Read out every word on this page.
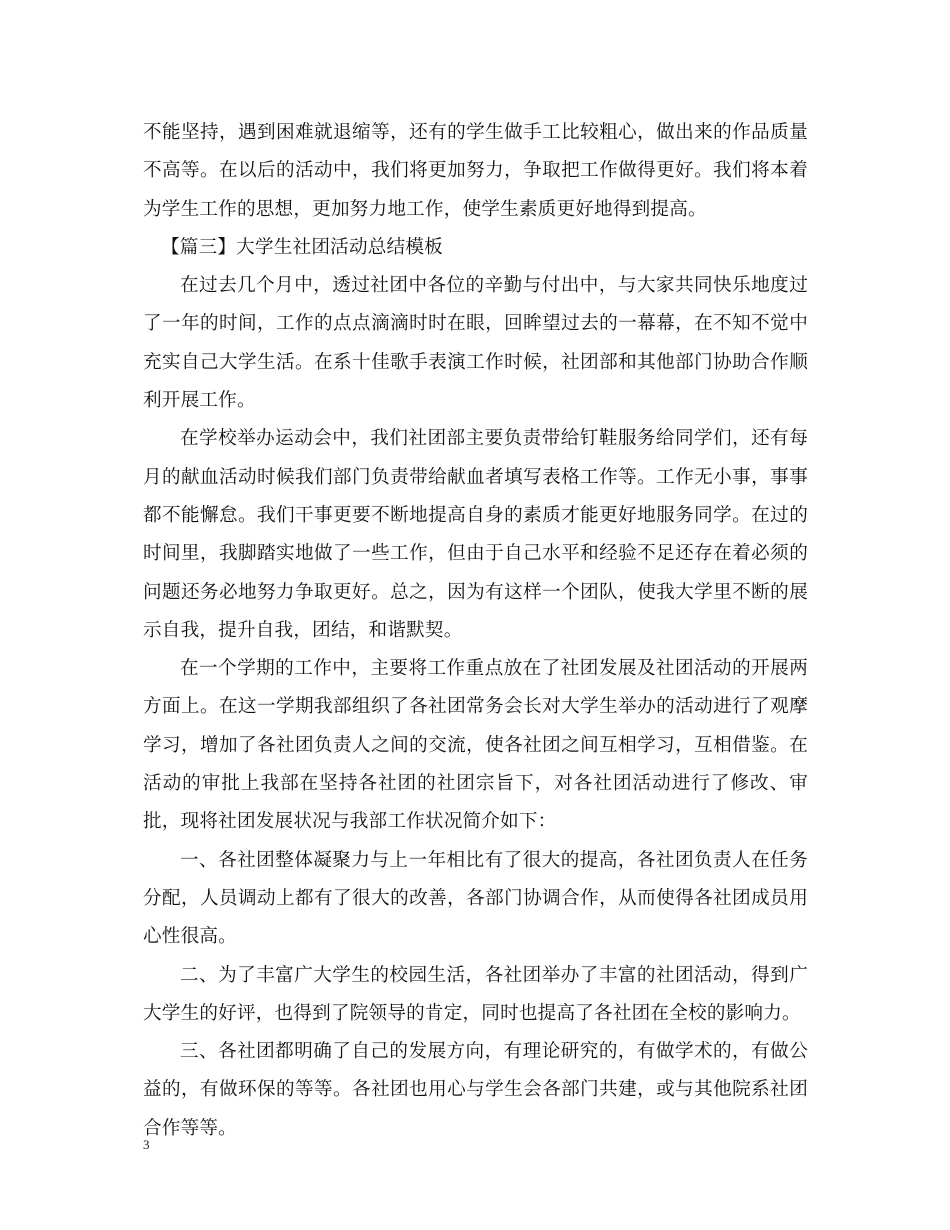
不能坚持，遇到困难就退缩等，还有的学生做手工比较粗心，做出来的作品质量不高等。在以后的活动中，我们将更加努力，争取把工作做得更好。我们将本着为学生工作的思想，更加努力地工作，使学生素质更好地得到提高。

【篇三】大学生社团活动总结模板

在过去几个月中，透过社团中各位的辛勤与付出中，与大家共同快乐地度过了一年的时间，工作的点点滴滴时时在眼，回眸望过去的一幕幕，在不知不觉中充实自己大学生活。在系十佳歌手表演工作时候，社团部和其他部门协助合作顺利开展工作。

在学校举办运动会中，我们社团部主要负责带给钉鞋服务给同学们，还有每月的献血活动时候我们部门负责带给献血者填写表格工作等。工作无小事，事事都不能懈怠。我们干事更要不断地提高自身的素质才能更好地服务同学。在过的时间里，我脚踏实地做了一些工作，但由于自己水平和经验不足还存在着必须的问题还务必地努力争取更好。总之，因为有这样一个团队，使我大学里不断的展示自我，提升自我，团结，和谐默契。

在一个学期的工作中，主要将工作重点放在了社团发展及社团活动的开展两方面上。在这一学期我部组织了各社团常务会长对大学生举办的活动进行了观摩学习，增加了各社团负责人之间的交流，使各社团之间互相学习，互相借鉴。在活动的审批上我部在坚持各社团的社团宗旨下，对各社团活动进行了修改、审批，现将社团发展状况与我部工作状况简介如下：

一、各社团整体凝聚力与上一年相比有了很大的提高，各社团负责人在任务分配，人员调动上都有了很大的改善，各部门协调合作，从而使得各社团成员用心性很高。

二、为了丰富广大学生的校园生活，各社团举办了丰富的社团活动，得到广大学生的好评，也得到了院领导的肯定，同时也提高了各社团在全校的影响力。

三、各社团都明确了自己的发展方向，有理论研究的，有做学术的，有做公益的，有做环保的等等。各社团也用心与学生会各部门共建，或与其他院系社团合作等等。

3
